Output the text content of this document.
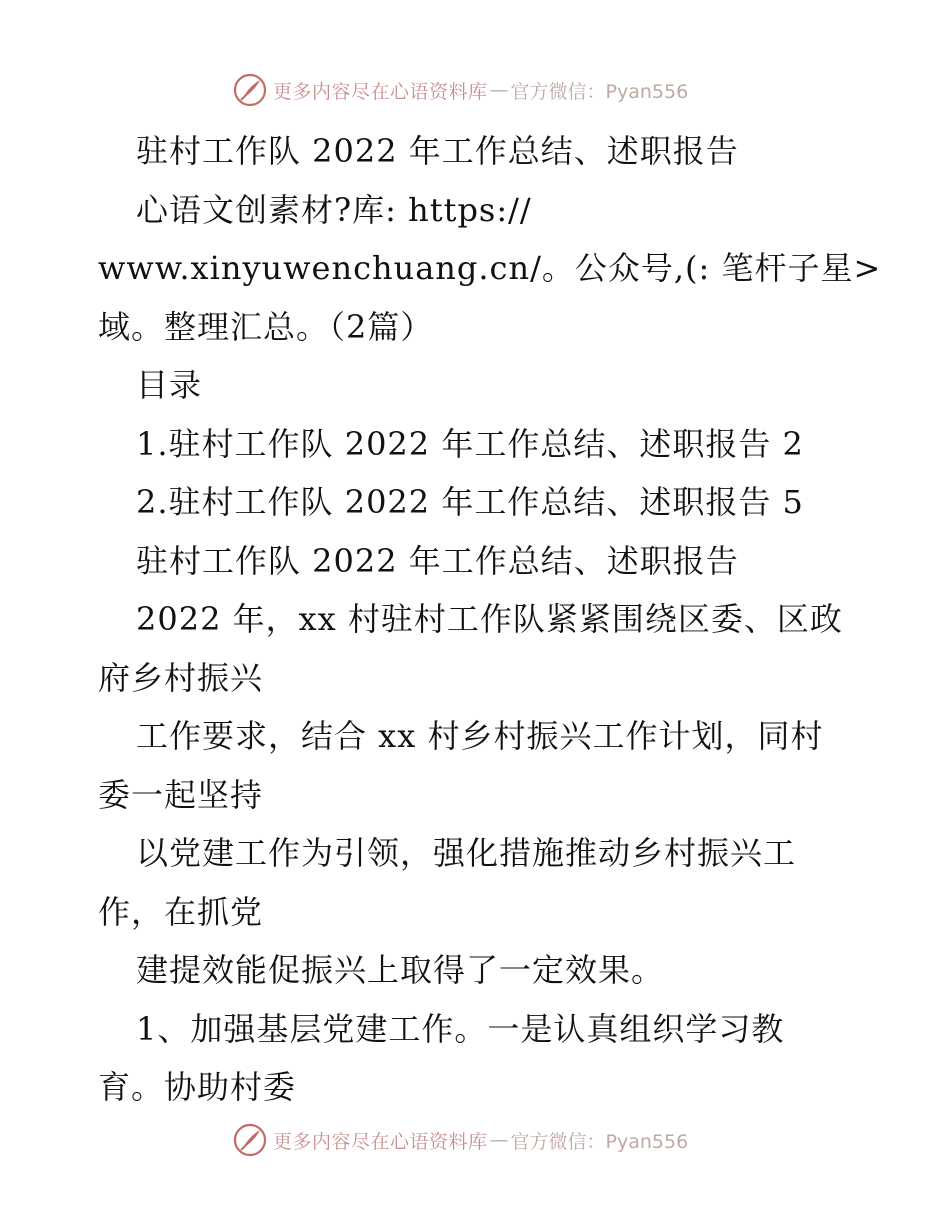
更多内容尽在心语资料库 — 官方微信：Pyan556
驻村工作队 2022 年工作总结、述职报告
心语文创素材?库: https://
www.xinyuwenchuang.cn/。公众号,(: 笔杆子星>
域。整理汇总。（2篇）
目录
1.驻村工作队 2022 年工作总结、述职报告 2
2.驻村工作队 2022 年工作总结、述职报告 5
驻村工作队 2022 年工作总结、述职报告
2022 年，xx 村驻村工作队紧紧围绕区委、区政
府乡村振兴
工作要求，结合 xx 村乡村振兴工作计划，同村
委一起坚持
以党建工作为引领，强化措施推动乡村振兴工
作，在抓党
建提效能促振兴上取得了一定效果。
1、加强基层党建工作。一是认真组织学习教
育。协助村委
更多内容尽在心语资料库 — 官方微信：Pyan556
